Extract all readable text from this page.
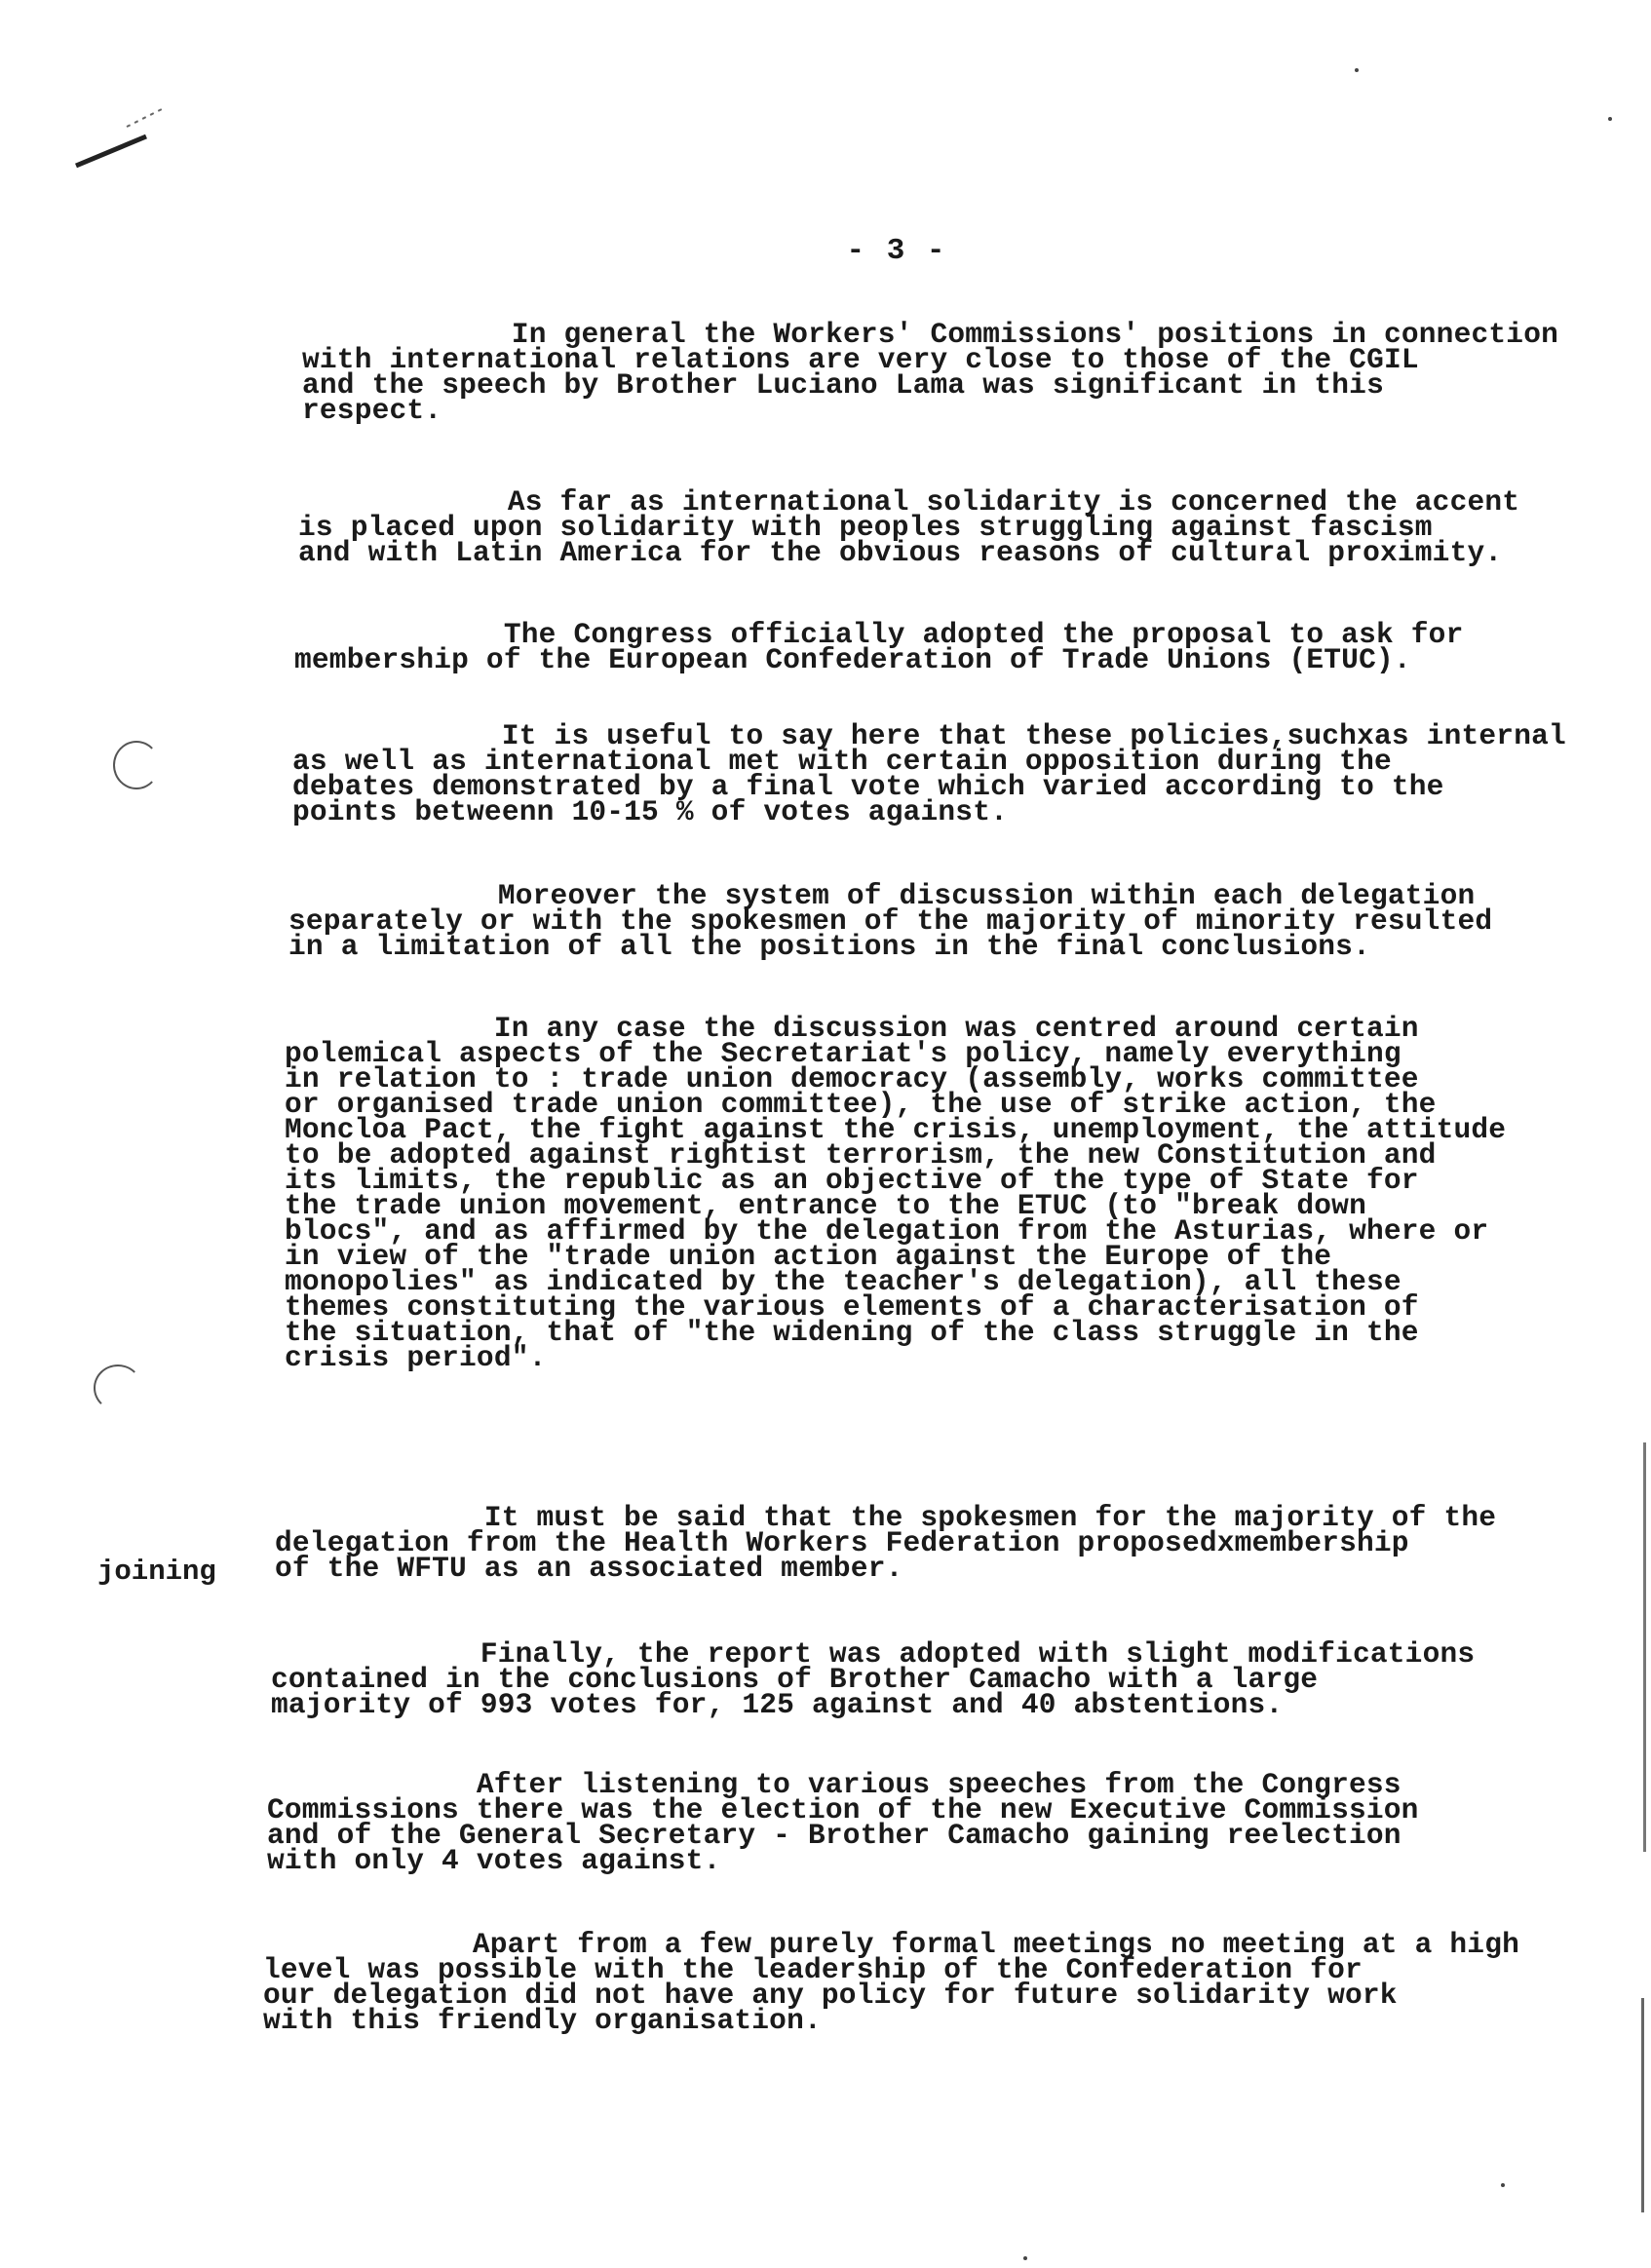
- 3 -

In general the Workers' Commissions' positions in connection
with international relations are very close to those of the CGIL
and the speech by Brother Luciano Lama was significant in this
respect.

As far as international solidarity is concerned the accent
is placed upon solidarity with peoples struggling against fascism
and with Latin America for the obvious reasons of cultural proximity.

The Congress officially adopted the proposal to ask for
membership of the European Confederation of Trade Unions (ETUC).

It is useful to say here that these policies,suchxas internal
as well as international met with certain opposition during the
debates demonstrated by a final vote which varied according to the
points betweenn 10-15 % of votes against.

Moreover the system of discussion within each delegation
separately or with the spokesmen of the majority of minority resulted
in a limitation of all the positions in the final conclusions.

In any case the discussion was centred around certain
polemical aspects of the Secretariat's policy, namely everything
in relation to : trade union democracy (assembly, works committee
or organised trade union committee), the use of strike action, the
Moncloa Pact, the fight against the crisis, unemployment, the attitude
to be adopted against rightist terrorism, the new Constitution and
its limits, the republic as an objective of the type of State for
the trade union movement, entrance to the ETUC (to "break down
blocs", and as affirmed by the delegation from the Asturias, where or
in view of the "trade union action against the Europe of the
monopolies" as indicated by the teacher's delegation), all these
themes constituting the various elements of a characterisation of
the situation, that of "the widening of the class struggle in the
crisis period".

It must be said that the spokesmen for the majority of the
delegation from the Health Workers Federation proposedxmembership
of the WFTU as an associated member.

Finally, the report was adopted with slight modifications
contained in the conclusions of Brother Camacho with a large
majority of 993 votes for, 125 against and 40 abstentions.

After listening to various speeches from the Congress
Commissions there was the election of the new Executive Commission
and of the General Secretary - Brother Camacho gaining reelection
with only 4 votes against.

Apart from a few purely formal meetings no meeting at a high
level was possible with the leadership of the Confederation for
our delegation did not have any policy for future solidarity work
with this friendly organisation.

joining
